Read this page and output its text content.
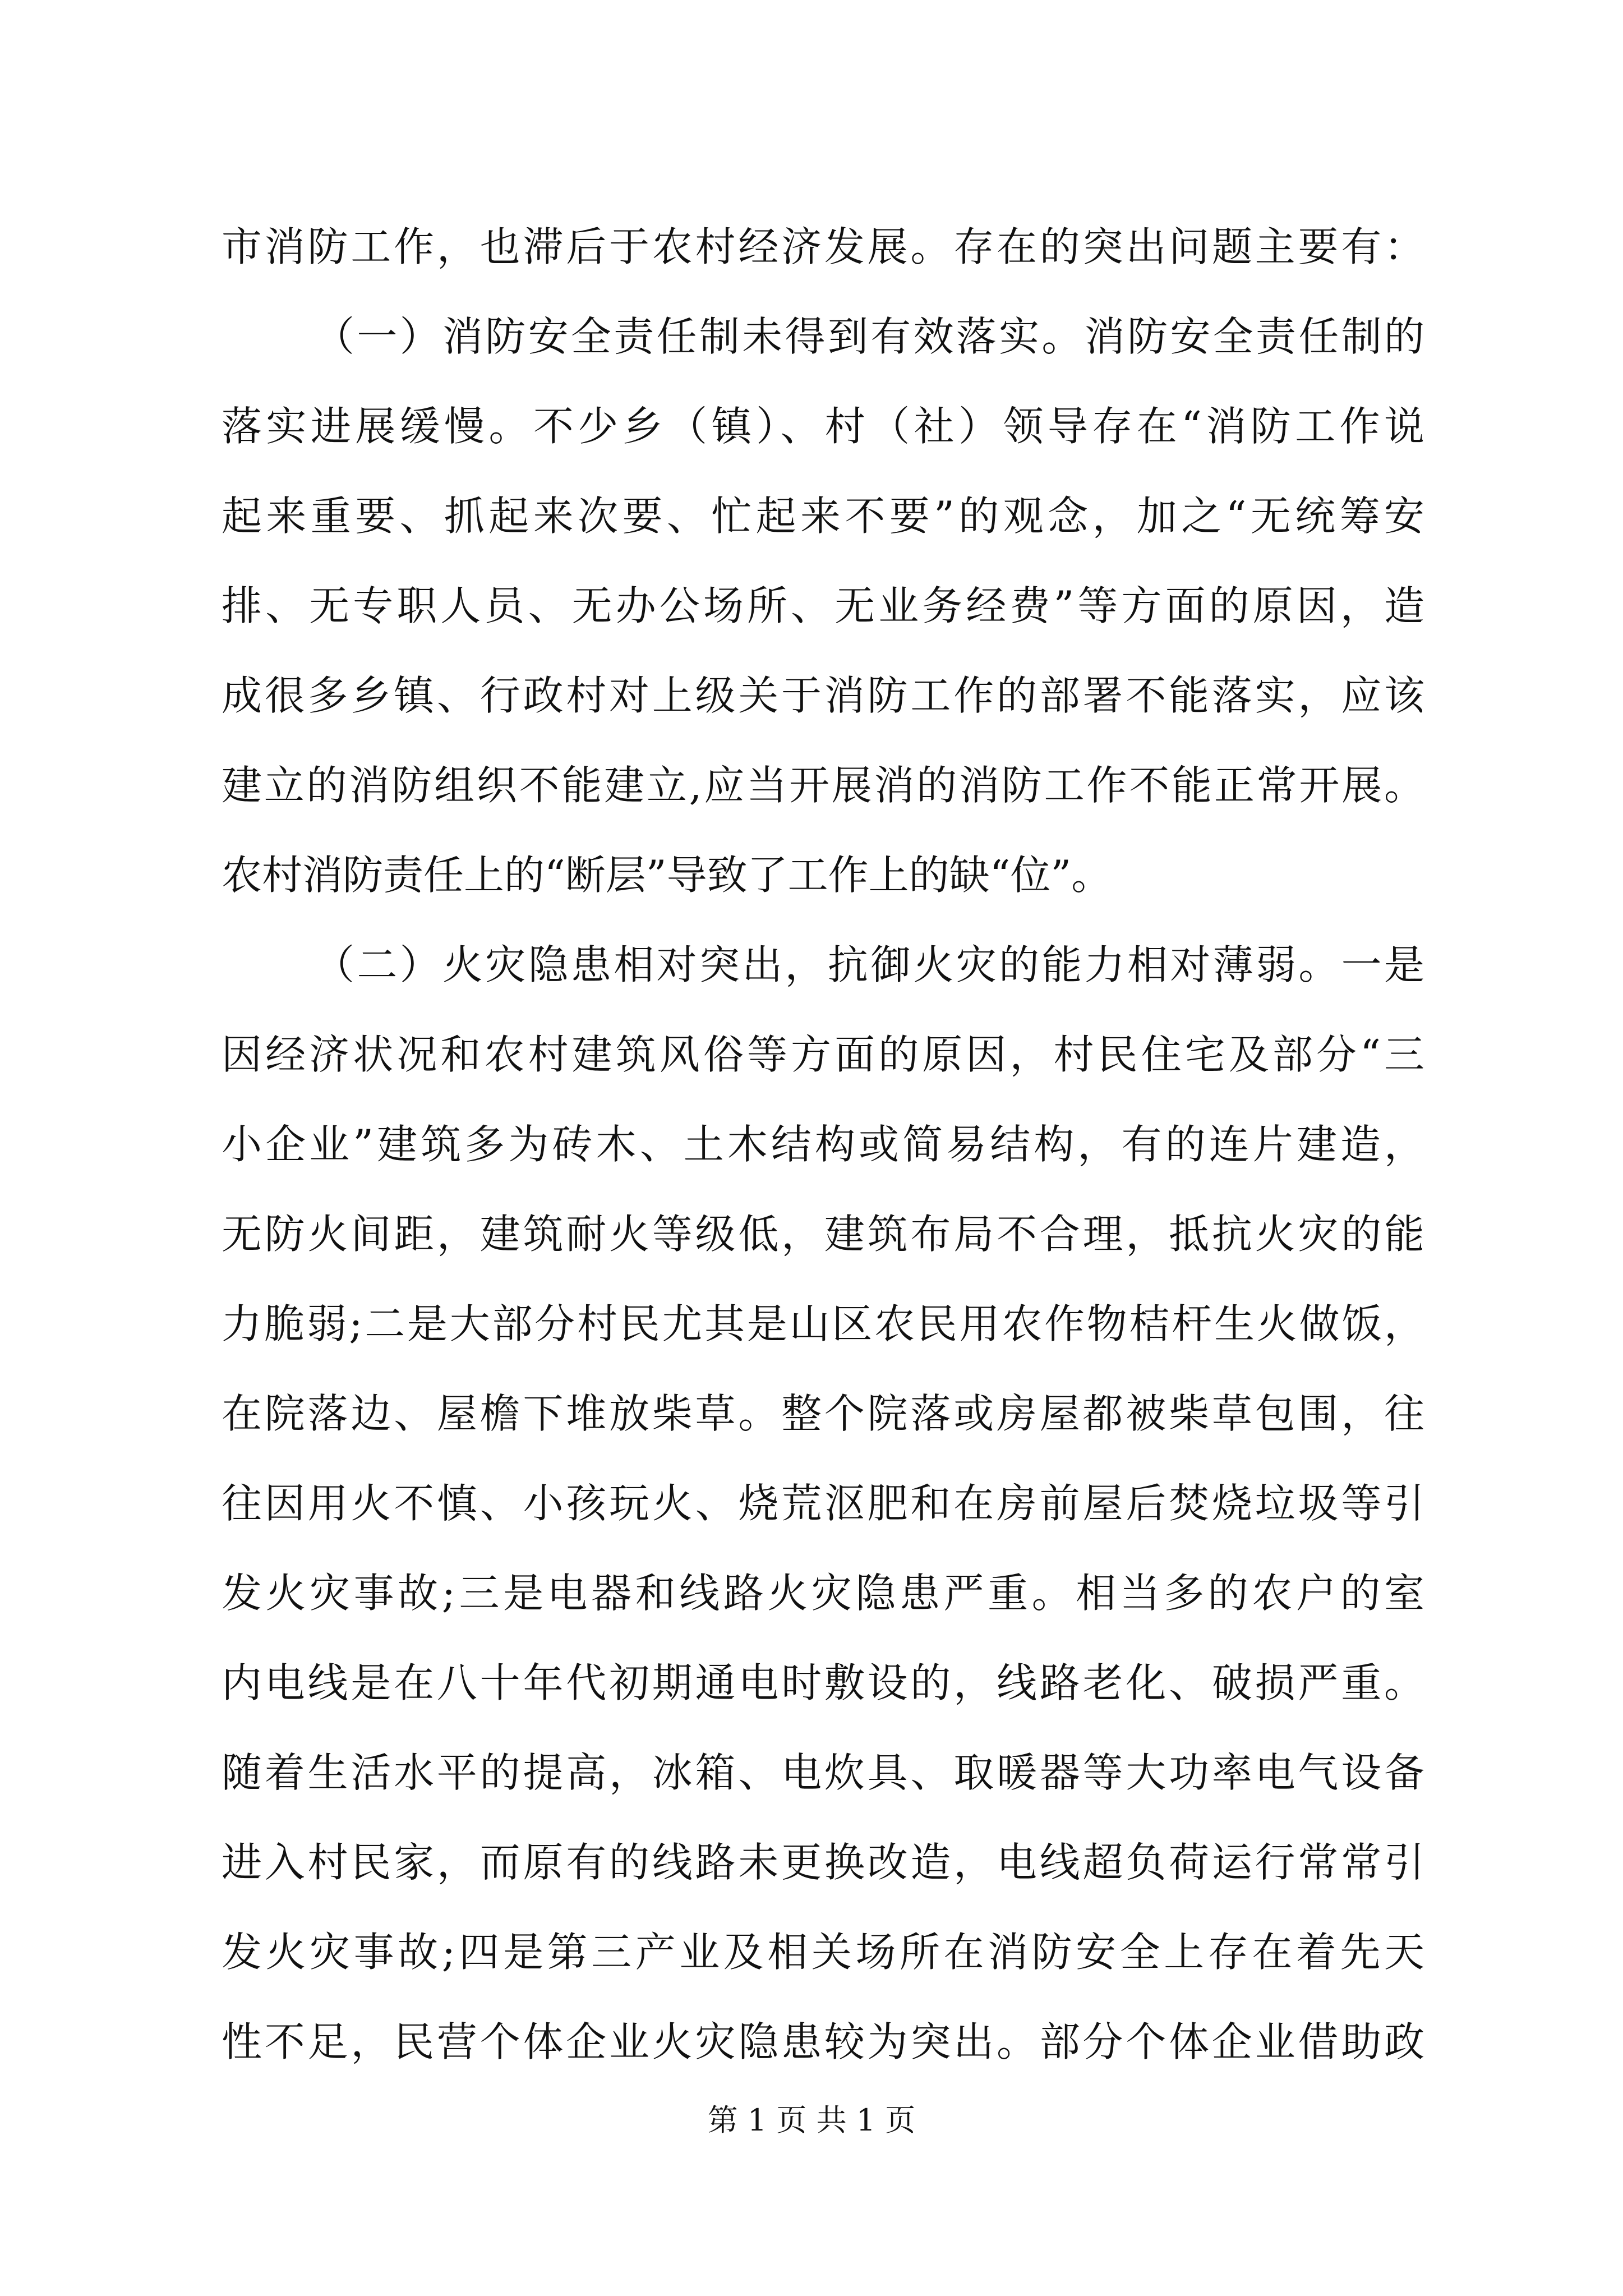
市消防工作，也滞后于农村经济发展。存在的突出问题主要有：
（一）消防安全责任制未得到有效落实。消防安全责任制的
落实进展缓慢。不少乡（镇）、村（社）领导存在“消防工作说
起来重要、抓起来次要、忙起来不要”的观念，加之“无统筹安
排、无专职人员、无办公场所、无业务经费”等方面的原因，造
成很多乡镇、行政村对上级关于消防工作的部署不能落实，应该
建立的消防组织不能建立,应当开展消的消防工作不能正常开展。
农村消防责任上的“断层”导致了工作上的缺“位”。
（二）火灾隐患相对突出，抗御火灾的能力相对薄弱。一是
因经济状况和农村建筑风俗等方面的原因，村民住宅及部分“三
小企业”建筑多为砖木、土木结构或简易结构，有的连片建造，
无防火间距，建筑耐火等级低，建筑布局不合理，抵抗火灾的能
力脆弱;二是大部分村民尤其是山区农民用农作物桔杆生火做饭，
在院落边、屋檐下堆放柴草。整个院落或房屋都被柴草包围，往
往因用火不慎、小孩玩火、烧荒沤肥和在房前屋后焚烧垃圾等引
发火灾事故;三是电器和线路火灾隐患严重。相当多的农户的室
内电线是在八十年代初期通电时敷设的，线路老化、破损严重。
随着生活水平的提高，冰箱、电炊具、取暖器等大功率电气设备
进入村民家，而原有的线路未更换改造，电线超负荷运行常常引
发火灾事故;四是第三产业及相关场所在消防安全上存在着先天
性不足，民营个体企业火灾隐患较为突出。部分个体企业借助政
第 1 页 共 1 页
